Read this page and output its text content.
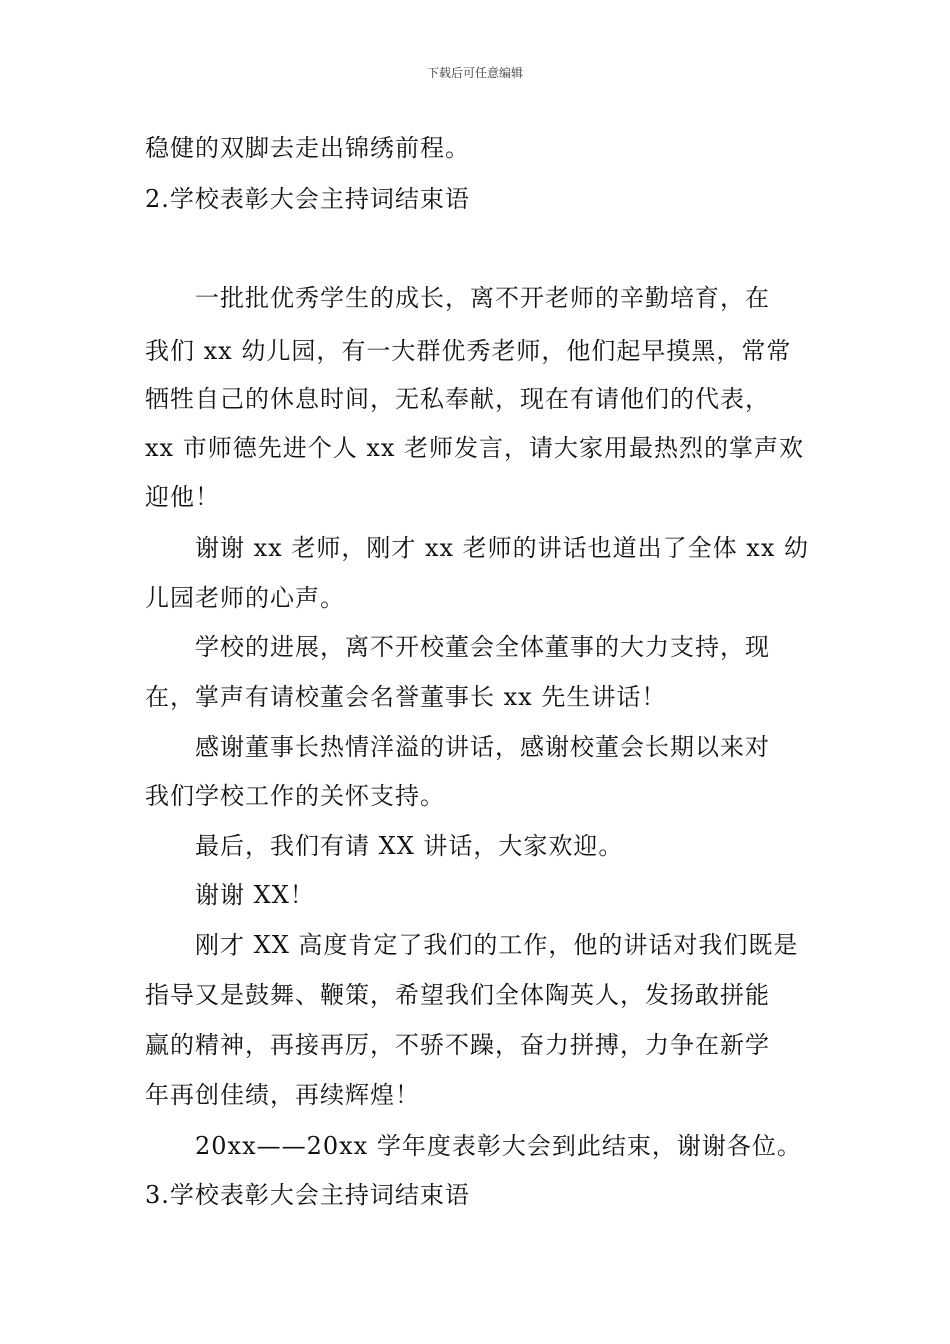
下载后可任意编辑
稳健的双脚去走出锦绣前程。
2.学校表彰大会主持词结束语
一批批优秀学生的成长，离不开老师的辛勤培育，在
我们 xx 幼儿园，有一大群优秀老师，他们起早摸黑，常常
牺牲自己的休息时间，无私奉献，现在有请他们的代表，
xx 市师德先进个人 xx 老师发言，请大家用最热烈的掌声欢
迎他！
谢谢 xx 老师，刚才 xx 老师的讲话也道出了全体 xx 幼
儿园老师的心声。
学校的进展，离不开校董会全体董事的大力支持，现
在，掌声有请校董会名誉董事长 xx 先生讲话！
感谢董事长热情洋溢的讲话，感谢校董会长期以来对
我们学校工作的关怀支持。
最后，我们有请 XX 讲话，大家欢迎。
谢谢 XX！
刚才 XX 高度肯定了我们的工作，他的讲话对我们既是
指导又是鼓舞、鞭策，希望我们全体陶英人，发扬敢拼能
赢的精神，再接再厉，不骄不躁，奋力拼搏，力争在新学
年再创佳绩，再续辉煌！
20xx——20xx 学年度表彰大会到此结束，谢谢各位。
3.学校表彰大会主持词结束语
